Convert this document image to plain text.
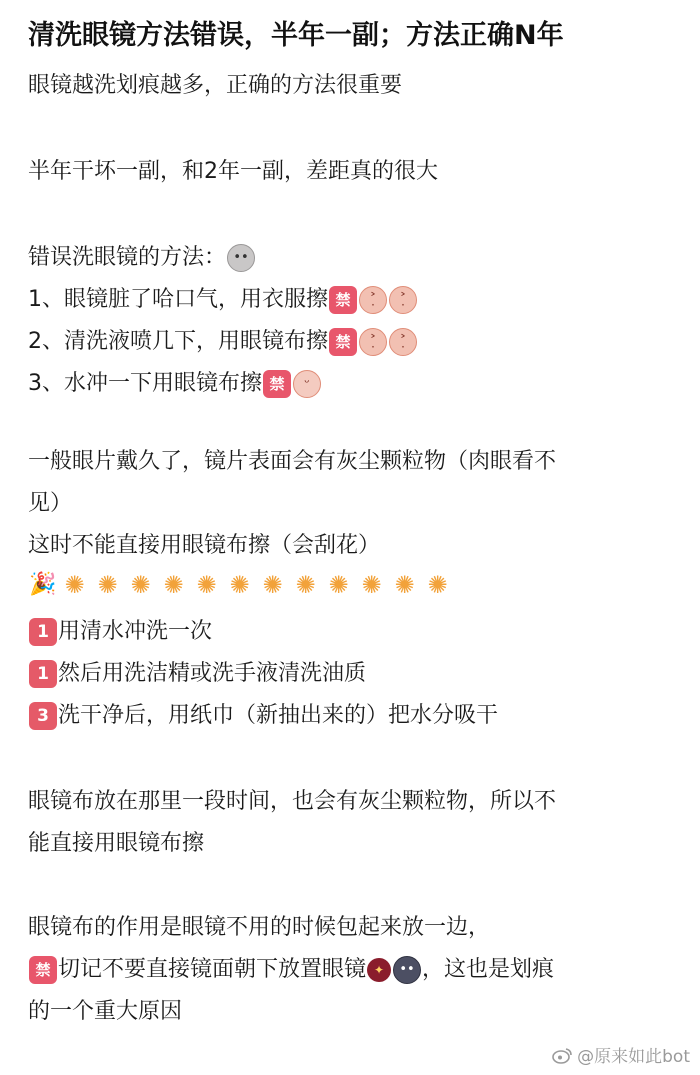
清洗眼镜方法错误，半年一副；方法正确N年
眼镜越洗划痕越多，正确的方法很重要
半年干坏一副，和2年一副，差距真的很大
错误洗眼镜的方法： ••
1、眼镜脏了哈口气，用衣服擦 禁	˃̣	˃̣
2、清洗液喷几下，用眼镜布擦 禁	˃̣	˃̣
3、水冲一下用眼镜布擦 禁	ᵕ
一般眼片戴久了，镜片表面会有灰尘颗粒物（肉眼看不
见）
这时不能直接用眼镜布擦（会刮花）
🎉 ✺ ✺ ✺ ✺ ✺ ✺ ✺ ✺ ✺ ✺ ✺ ✺
1 用清水冲洗一次
1 然后用洗洁精或洗手液清洗油质
3 洗干净后，用纸巾（新抽出来的）把水分吸干
眼镜布放在那里一段时间，也会有灰尘颗粒物，所以不
能直接用眼镜布擦
眼镜布的作用是眼镜不用的时候包起来放一边，
禁 切记不要直接镜面朝下放置眼镜 ✦	•• ，这也是划痕
的一个重大原因
@原来如此bot
